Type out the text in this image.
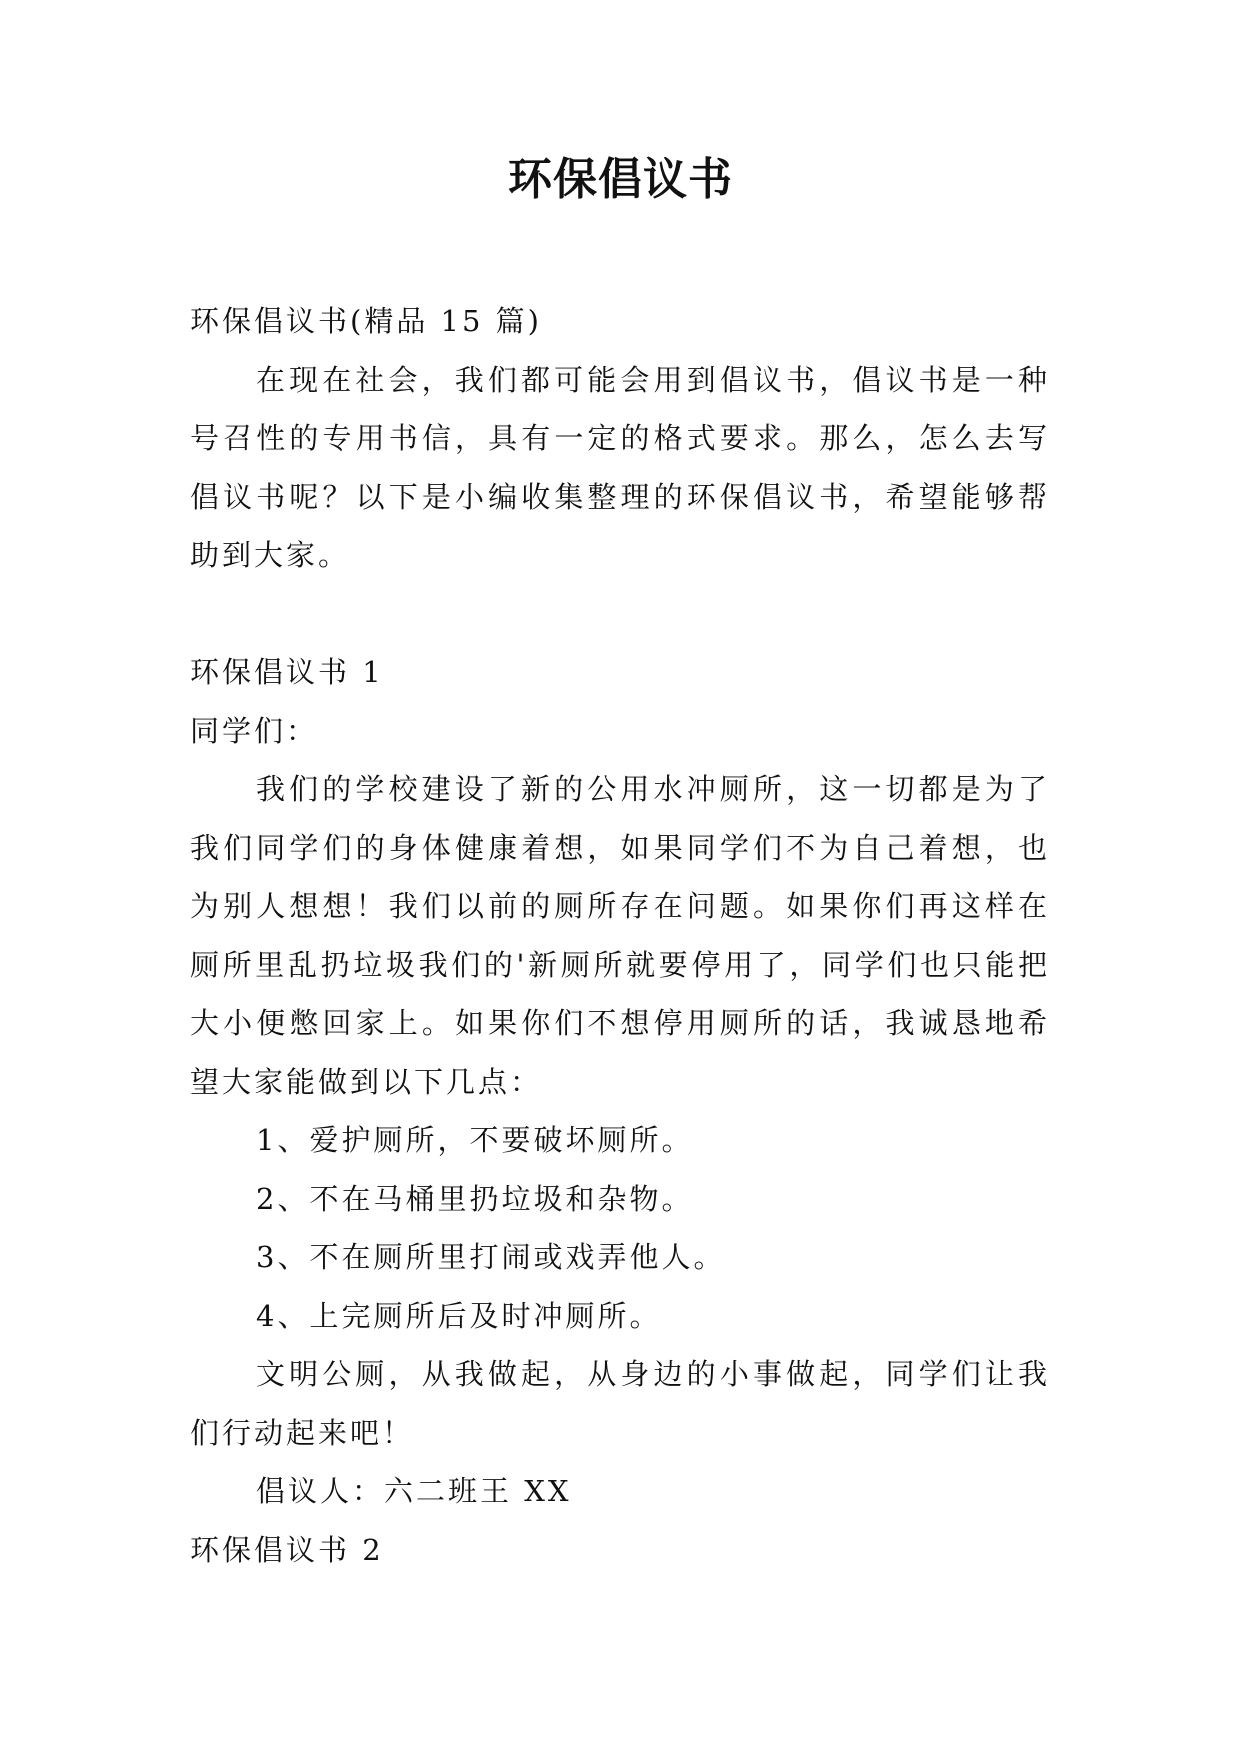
环保倡议书

环保倡议书(精品 15 篇)

在现在社会，我们都可能会用到倡议书，倡议书是一种号召性的专用书信，具有一定的格式要求。那么，怎么去写倡议书呢？以下是小编收集整理的环保倡议书，希望能够帮助到大家。

环保倡议书 1

同学们：

我们的学校建设了新的公用水冲厕所，这一切都是为了我们同学们的身体健康着想，如果同学们不为自己着想，也为别人想想！我们以前的厕所存在问题。如果你们再这样在厕所里乱扔垃圾我们的'新厕所就要停用了，同学们也只能把大小便憋回家上。如果你们不想停用厕所的话，我诚恳地希望大家能做到以下几点：

1、爱护厕所，不要破坏厕所。

2、不在马桶里扔垃圾和杂物。

3、不在厕所里打闹或戏弄他人。

4、上完厕所后及时冲厕所。

文明公厕，从我做起，从身边的小事做起，同学们让我们行动起来吧！

倡议人：六二班王 XX

环保倡议书 2
